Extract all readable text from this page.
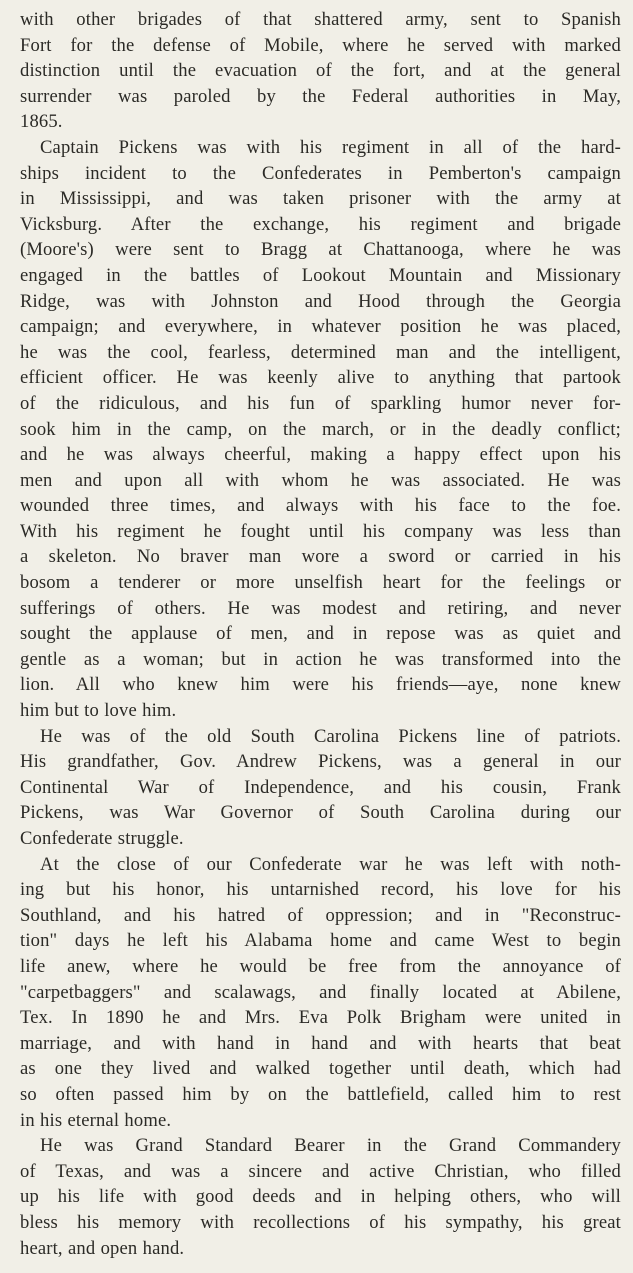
with other brigades of that shattered army, sent to Spanish
Fort for the defense of Mobile, where he served with marked
distinction until the evacuation of the fort, and at the general
surrender was paroled by the Federal authorities in May,
1865.
Captain Pickens was with his regiment in all of the hard-
ships incident to the Confederates in Pemberton's campaign
in Mississippi, and was taken prisoner with the army at
Vicksburg. After the exchange, his regiment and brigade
(Moore's) were sent to Bragg at Chattanooga, where he was
engaged in the battles of Lookout Mountain and Missionary
Ridge, was with Johnston and Hood through the Georgia
campaign; and everywhere, in whatever position he was placed,
he was the cool, fearless, determined man and the intelligent,
efficient officer. He was keenly alive to anything that partook
of the ridiculous, and his fun of sparkling humor never for-
sook him in the camp, on the march, or in the deadly conflict;
and he was always cheerful, making a happy effect upon his
men and upon all with whom he was associated. He was
wounded three times, and always with his face to the foe.
With his regiment he fought until his company was less than
a skeleton. No braver man wore a sword or carried in his
bosom a tenderer or more unselfish heart for the feelings or
sufferings of others. He was modest and retiring, and never
sought the applause of men, and in repose was as quiet and
gentle as a woman; but in action he was transformed into the
lion. All who knew him were his friends—aye, none knew
him but to love him.
He was of the old South Carolina Pickens line of patriots.
His grandfather, Gov. Andrew Pickens, was a general in our
Continental War of Independence, and his cousin, Frank
Pickens, was War Governor of South Carolina during our
Confederate struggle.
At the close of our Confederate war he was left with noth-
ing but his honor, his untarnished record, his love for his
Southland, and his hatred of oppression; and in "Reconstruc-
tion" days he left his Alabama home and came West to begin
life anew, where he would be free from the annoyance of
"carpetbaggers" and scalawags, and finally located at Abilene,
Tex. In 1890 he and Mrs. Eva Polk Brigham were united in
marriage, and with hand in hand and with hearts that beat
as one they lived and walked together until death, which had
so often passed him by on the battlefield, called him to rest
in his eternal home.
He was Grand Standard Bearer in the Grand Commandery
of Texas, and was a sincere and active Christian, who filled
up his life with good deeds and in helping others, who will
bless his memory with recollections of his sympathy, his great
heart, and open hand.
